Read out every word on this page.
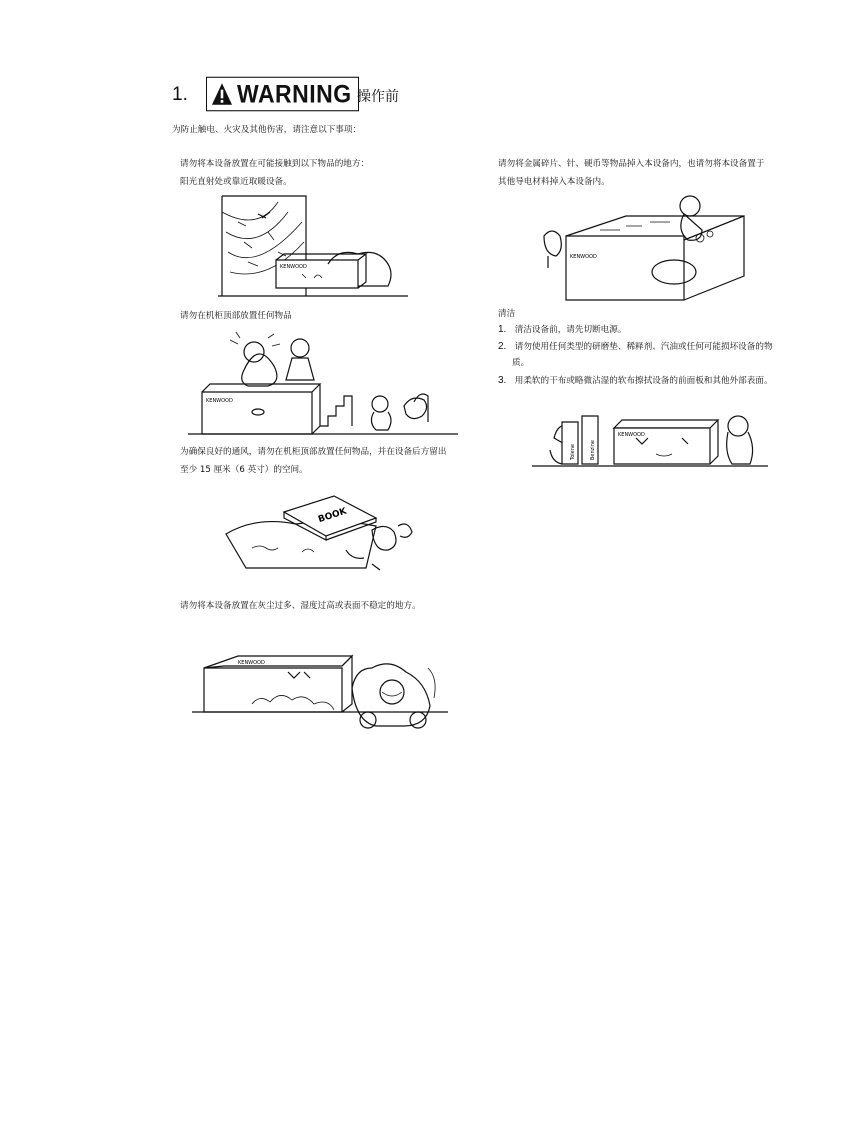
1. WARNING 操作前
为防止触电、火灾及其他伤害，请注意以下事项：
请勿将本设备放置在可能接触到以下物品的地方：
阳光直射处或靠近取暖设备。
KENWOOD
请勿在机柜顶部放置任何物品
KENWOOD
为确保良好的通风，请勿在机柜顶部放置任何物品，并在设备后方留出
至少 15 厘米（6 英寸）的空间。
BOOK
请勿将本设备放置在灰尘过多、湿度过高或表面不稳定的地方。
KENWOOD
请勿将金属碎片、针、硬币等物品掉入本设备内，也请勿将本设备置于
其他导电材料掉入本设备内。
KENWOOD
清洁
1. 清洁设备前，请先切断电源。
2. 请勿使用任何类型的研磨垫、稀释剂、汽油或任何可能损坏设备的物
质。
3. 用柔软的干布或略微沾湿的软布擦拭设备的前面板和其他外部表面。
Tolene	Benzine
KENWOOD
